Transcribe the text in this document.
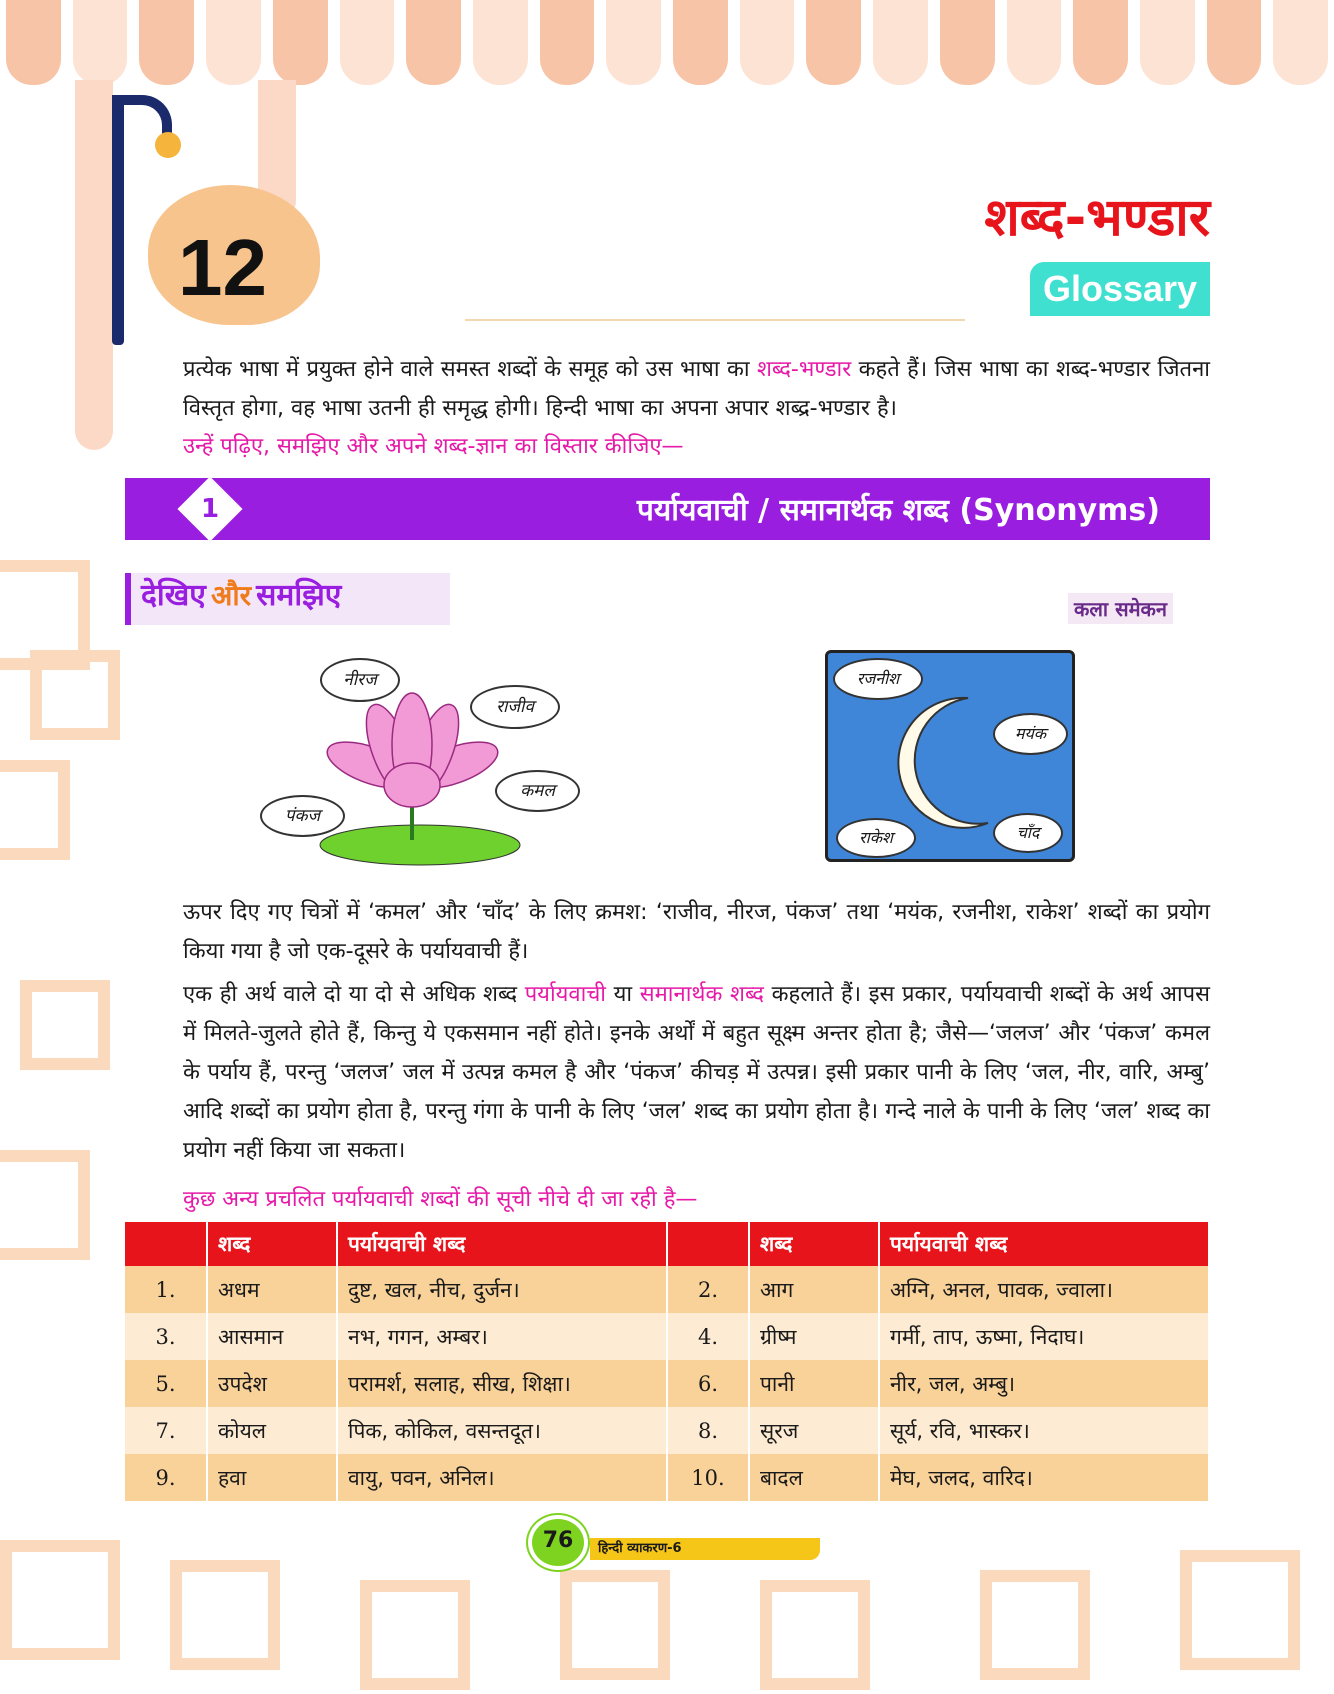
12
शब्द-भण्डार
Glossary
प्रत्येक भाषा में प्रयुक्त होने वाले समस्त शब्दों के समूह को उस भाषा का शब्द-भण्डार कहते हैं। जिस भाषा का शब्द-भण्डार जितना विस्तृत होगा, वह भाषा उतनी ही समृद्ध होगी। हिन्दी भाषा का अपना अपार शब्द्र-भण्डार है।
उन्हें पढ़िए, समझिए और अपने शब्द-ज्ञान का विस्तार कीजिए—
1	पर्यायवाची / समानार्थक शब्द (Synonyms)
देखिए और समझिए	कला समेकन
नीरज
राजीव
कमल
पंकज
रजनीश
मयंक
चाँद
राकेश
ऊपर दिए गए चित्रों में ‘कमल’ और ‘चाँद’ के लिए क्रमश: ‘राजीव, नीरज, पंकज’ तथा ‘मयंक, रजनीश, राकेश’ शब्दों का प्रयोग किया गया है जो एक-दूसरे के पर्यायवाची हैं।
एक ही अर्थ वाले दो या दो से अधिक शब्द पर्यायवाची या समानार्थक शब्द कहलाते हैं। इस प्रकार, पर्यायवाची शब्दों के अर्थ आपस में मिलते-जुलते होते हैं, किन्तु ये एकसमान नहीं होते। इनके अर्थों में बहुत सूक्ष्म अन्तर होता है; जैसे—‘जलज’ और ‘पंकज’ कमल के पर्याय हैं, परन्तु ‘जलज’ जल में उत्पन्न कमल है और ‘पंकज’ कीचड़ में उत्पन्न। इसी प्रकार पानी के लिए ‘जल, नीर, वारि, अम्बु’ आदि शब्दों का प्रयोग होता है, परन्तु गंगा के पानी के लिए ‘जल’ शब्द का प्रयोग होता है। गन्दे नाले के पानी के लिए ‘जल’ शब्द का प्रयोग नहीं किया जा सकता।
कुछ अन्य प्रचलित पर्यायवाची शब्दों की सूची नीचे दी जा रही है—
	शब्द	पर्यायवाची शब्द		शब्द	पर्यायवाची शब्द
1.	अधम	दुष्ट, खल, नीच, दुर्जन।	2.	आग	अग्नि, अनल, पावक, ज्वाला।
3.	आसमान	नभ, गगन, अम्बर।	4.	ग्रीष्म	गर्मी, ताप, ऊष्मा, निदाघ।
5.	उपदेश	परामर्श, सलाह, सीख, शिक्षा।	6.	पानी	नीर, जल, अम्बु।
7.	कोयल	पिक, कोकिल, वसन्तदूत।	8.	सूरज	सूर्य, रवि, भास्कर।
9.	हवा	वायु, पवन, अनिल।	10.	बादल	मेघ, जलद, वारिद।
हिन्दी व्याकरण-6
76
